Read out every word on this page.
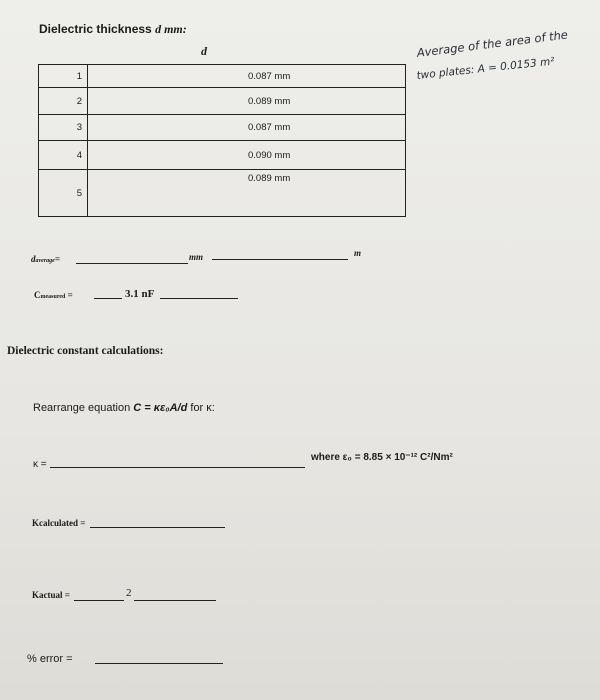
Dielectric thickness d mm:
d
1	0.087 mm
2	0.089 mm
3	0.087 mm
4	0.090 mm
5	0.089 mm
Average of the area of the
two plates: A = 0.0153 m²
daverage=	mm	m
Cmeasured =	3.1 nF
Dielectric constant calculations:
Rearrange equation C = κε₀A/d for κ:
κ =
where ε₀ = 8.85 × 10⁻¹² C²/Nm²
Kcalculated =
Kactual =	2
% error =
